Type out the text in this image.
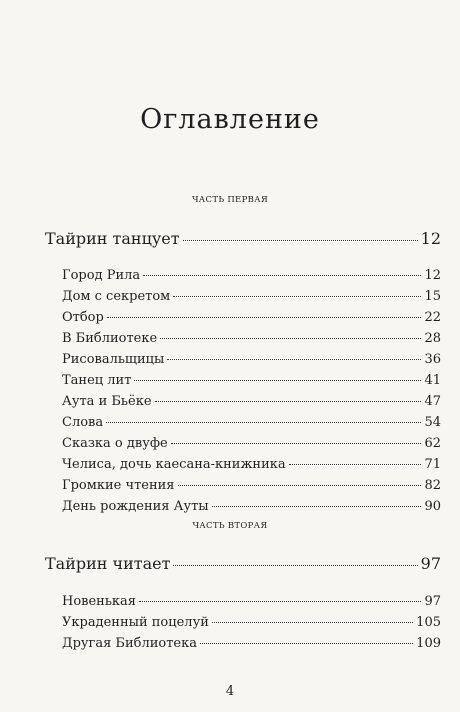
Оглавление
ЧАСТЬ ПЕРВАЯ
Тайрин танцует	12
Город Рила	12
Дом с секретом	15
Отбор	22
В Библиотеке	28
Рисовальщицы	36
Танец лит	41
Аута и Бьёке	47
Слова	54
Сказка о двуфе	62
Челиса, дочь каесана-книжника	71
Громкие чтения	82
День рождения Ауты	90
ЧАСТЬ ВТОРАЯ
Тайрин читает	97
Новенькая	97
Украденный поцелуй	105
Другая Библиотека	109
4
